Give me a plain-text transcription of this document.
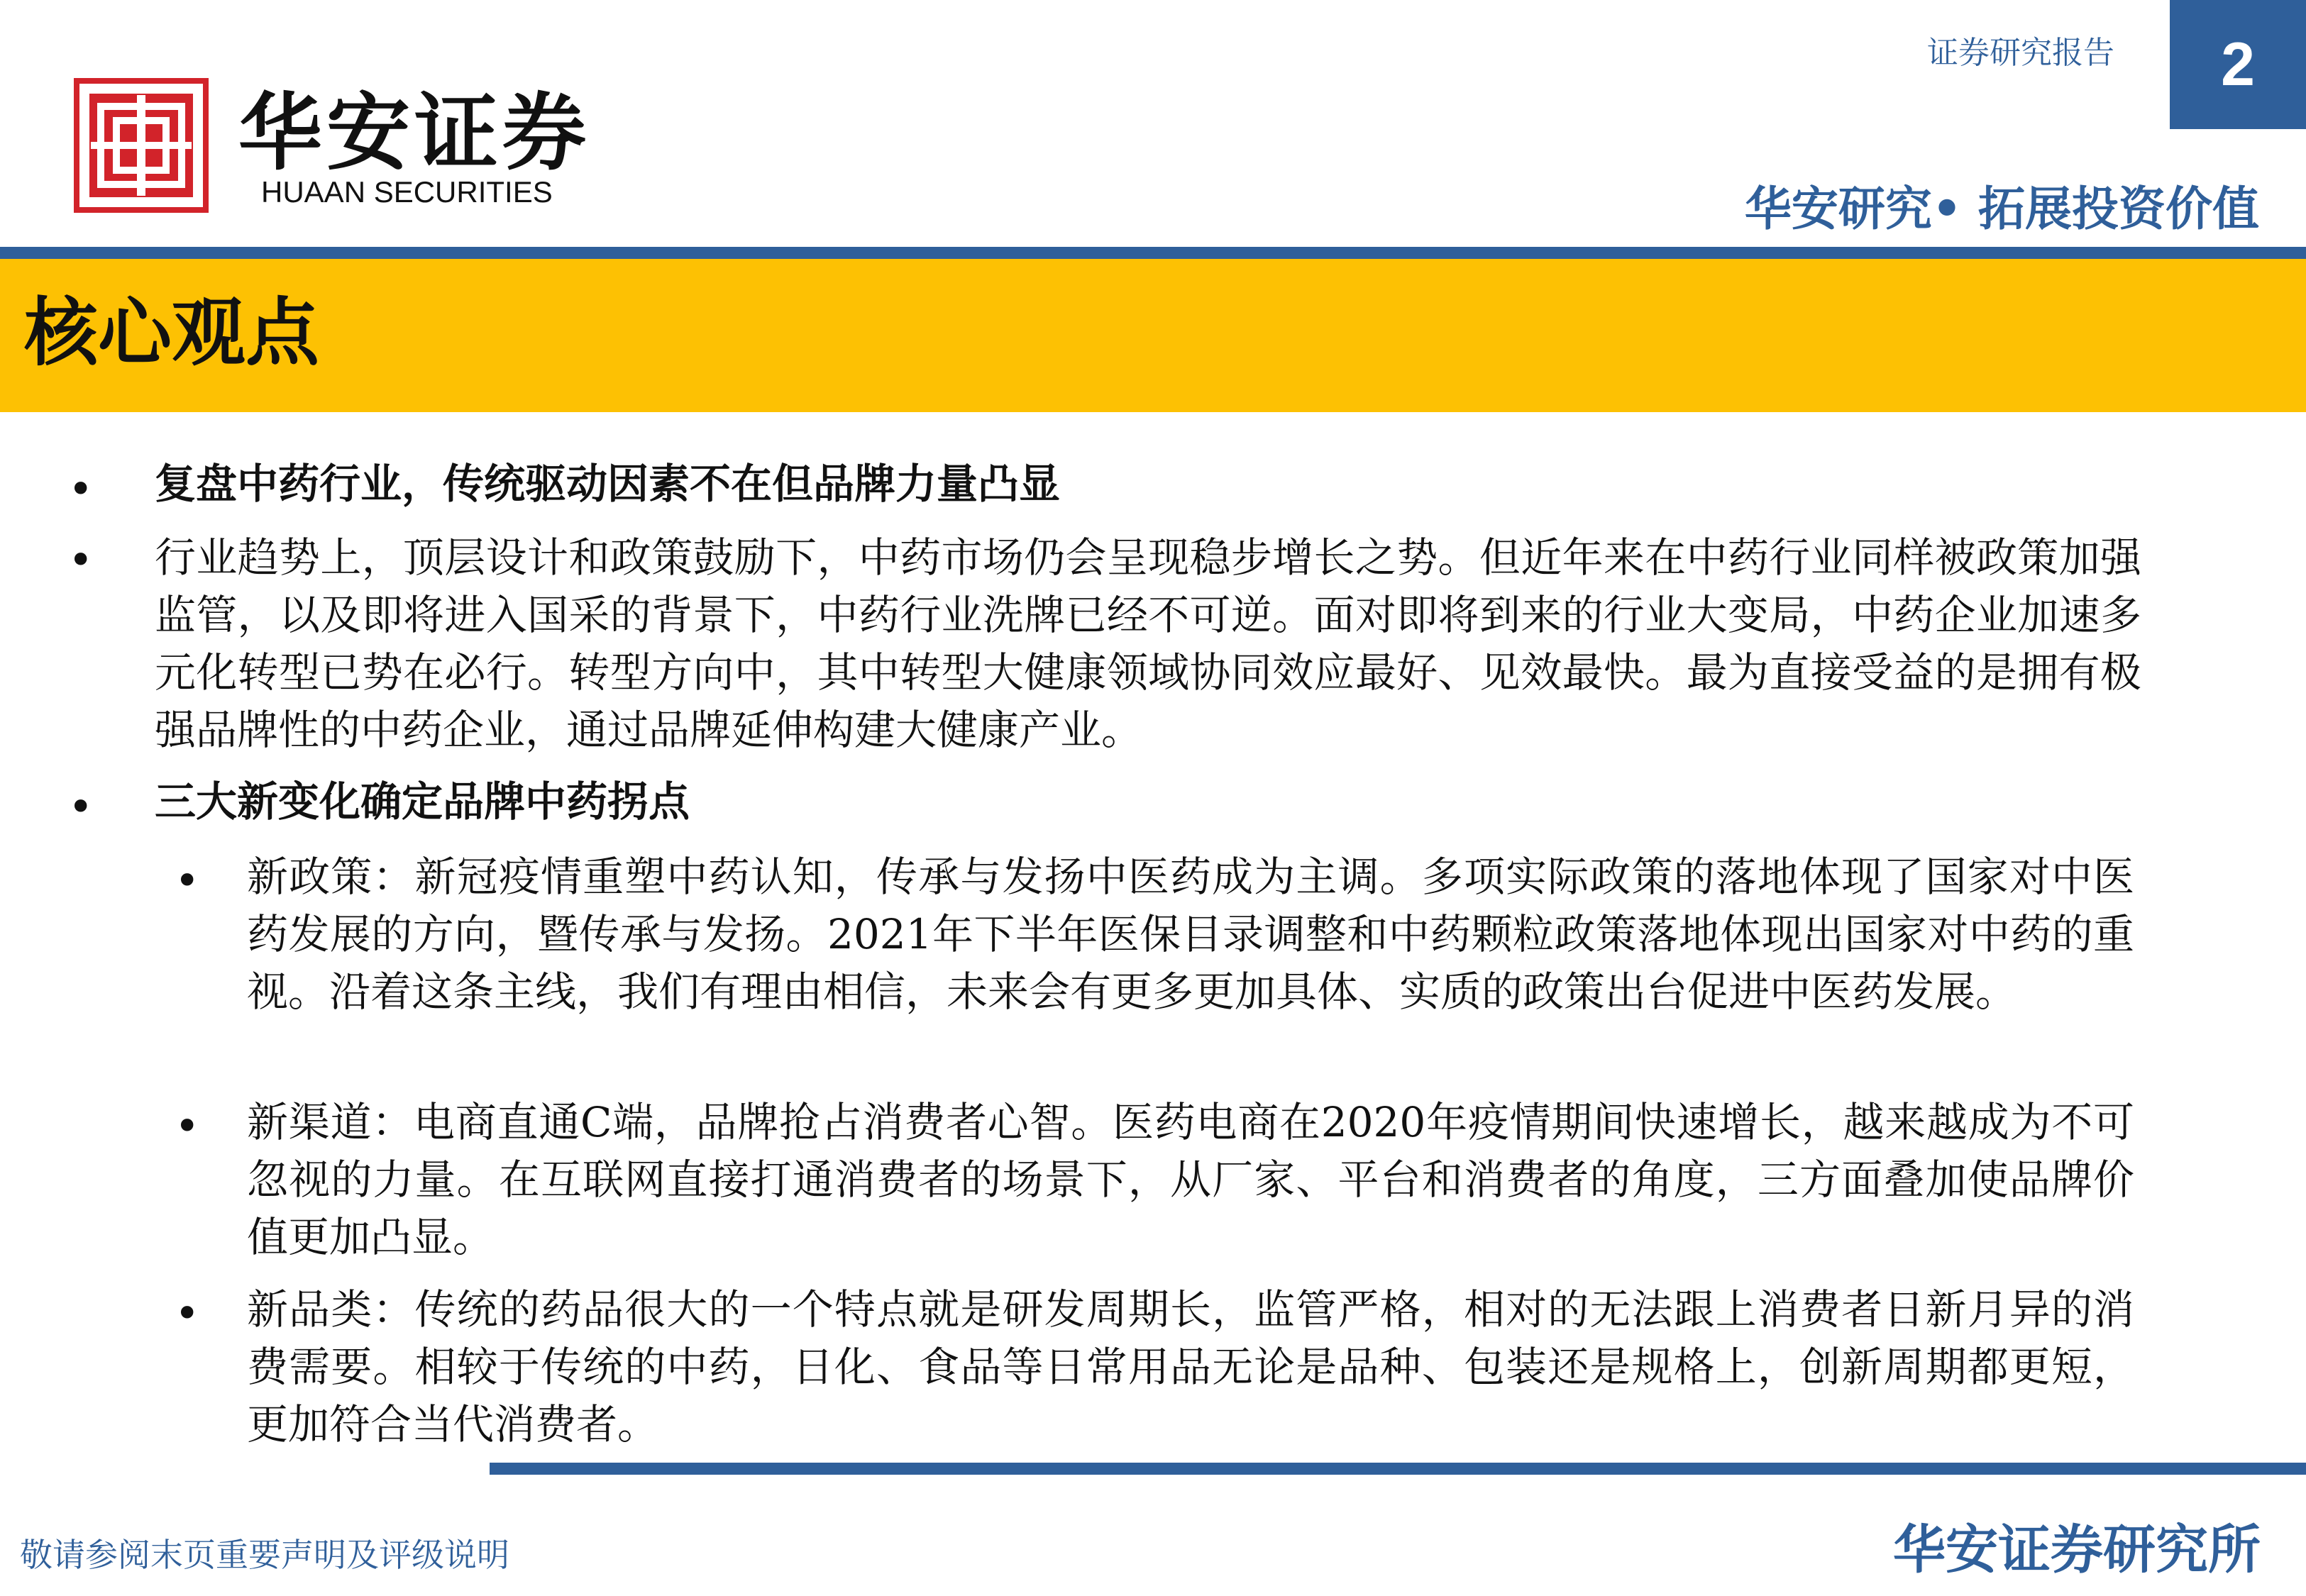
华安证券
HUAAN SECURITIES
证券研究报告 2
华安研究• 拓展投资价值
核心观点
• 复盘中药行业，传统驱动因素不在但品牌力量凸显
• 行业趋势上，顶层设计和政策鼓励下，中药市场仍会呈现稳步增长之势。但近年来在中药行业同样被政策加强监管，以及即将进入国采的背景下，中药行业洗牌已经不可逆。面对即将到来的行业大变局，中药企业加速多元化转型已势在必行。转型方向中，其中转型大健康领域协同效应最好、见效最快。最为直接受益的是拥有极强品牌性的中药企业，通过品牌延伸构建大健康产业。
• 三大新变化确定品牌中药拐点
• 新政策：新冠疫情重塑中药认知，传承与发扬中医药成为主调。多项实际政策的落地体现了国家对中医药发展的方向，暨传承与发扬。2021年下半年医保目录调整和中药颗粒政策落地体现出国家对中药的重视。沿着这条主线，我们有理由相信，未来会有更多更加具体、实质的政策出台促进中医药发展。
• 新渠道：电商直通C端，品牌抢占消费者心智。医药电商在2020年疫情期间快速增长，越来越成为不可忽视的力量。在互联网直接打通消费者的场景下，从厂家、平台和消费者的角度，三方面叠加使品牌价值更加凸显。
• 新品类：传统的药品很大的一个特点就是研发周期长，监管严格，相对的无法跟上消费者日新月异的消费需要。相较于传统的中药，日化、食品等日常用品无论是品种、包装还是规格上，创新周期都更短，更加符合当代消费者。
敬请参阅末页重要声明及评级说明	华安证券研究所
